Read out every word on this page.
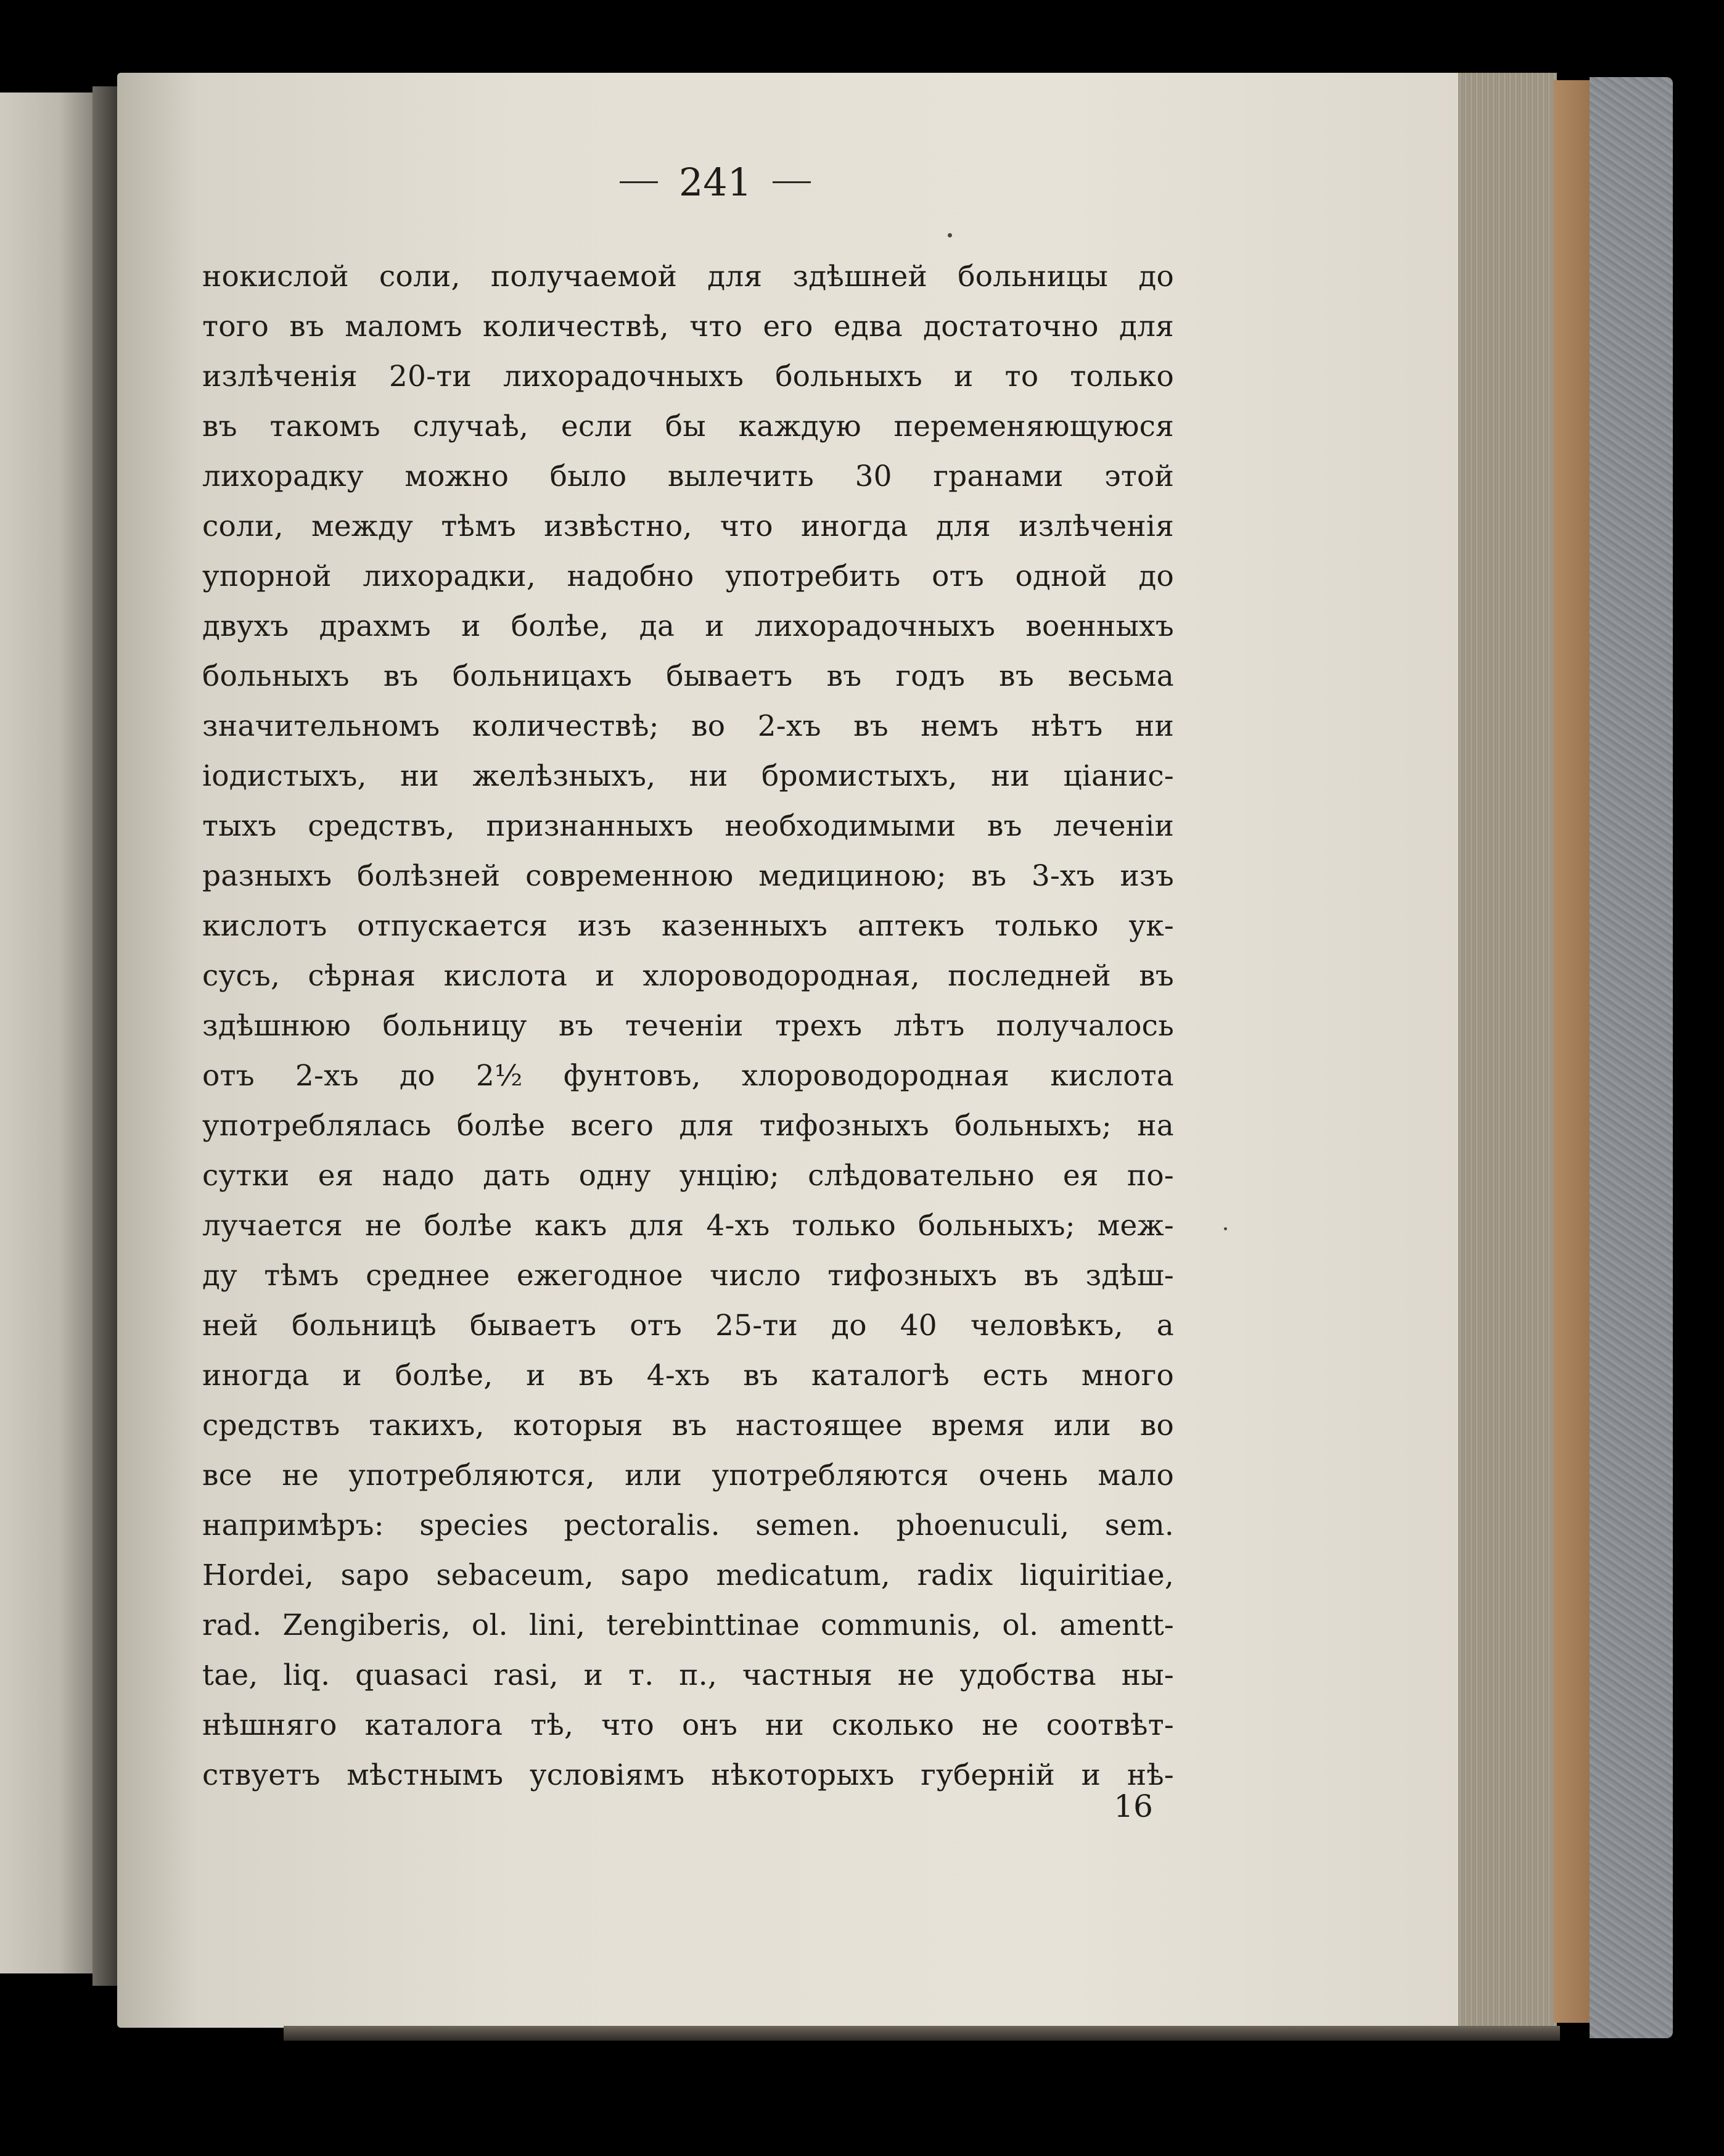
241
нокислой соли, получаемой для здѣшней больницы до
того въ маломъ количествѣ, что его едва достаточно для
излѣченія 20-ти лихорадочныхъ больныхъ и то только
въ такомъ случаѣ, если бы каждую переменяющуюся
лихорадку можно было вылечить 30 гранами этой
соли, между тѣмъ извѣстно, что иногда для излѣченія
упорной лихорадки, надобно употребить отъ одной до
двухъ драхмъ и болѣе, да и лихорадочныхъ военныхъ
больныхъ въ больницахъ бываетъ въ годъ въ весьма
значительномъ количествѣ; во 2-хъ въ немъ нѣтъ ни
іодистыхъ, ни желѣзныхъ, ни бромистыхъ, ни ціанис-
тыхъ средствъ, признанныхъ необходимыми въ леченіи
разныхъ болѣзней современною медициною; въ 3-хъ изъ
кислотъ отпускается изъ казенныхъ аптекъ только ук-
сусъ, сѣрная кислота и хлороводородная, последней въ
здѣшнюю больницу въ теченіи трехъ лѣтъ получалось
отъ 2-хъ до 2½ фунтовъ, хлороводородная кислота
употреблялась болѣе всего для тифозныхъ больныхъ; на
сутки ея надо дать одну унцію; слѣдовательно ея по-
лучается не болѣе какъ для 4-хъ только больныхъ; меж-
ду тѣмъ среднее ежегодное число тифозныхъ въ здѣш-
ней больницѣ бываетъ отъ 25-ти до 40 человѣкъ, а
иногда и болѣе, и въ 4-хъ въ каталогѣ есть много
средствъ такихъ, которыя въ настоящее время или во
все не употребляются, или употребляются очень мало
напримѣръ: species pectoralis. semen. phoenuculi, sem.
Hordei, sapo sebaceum, sapo medicatum, radix liquiritiae,
rad. Zengiberis, ol. lini, terebinttinae communis, ol. amentt-
tae, liq. quasaci rasi, и т. п., частныя не удобства ны-
нѣшняго каталога тѣ, что онъ ни сколько не соотвѣт-
ствуетъ мѣстнымъ условіямъ нѣкоторыхъ губерній и нѣ-
16
